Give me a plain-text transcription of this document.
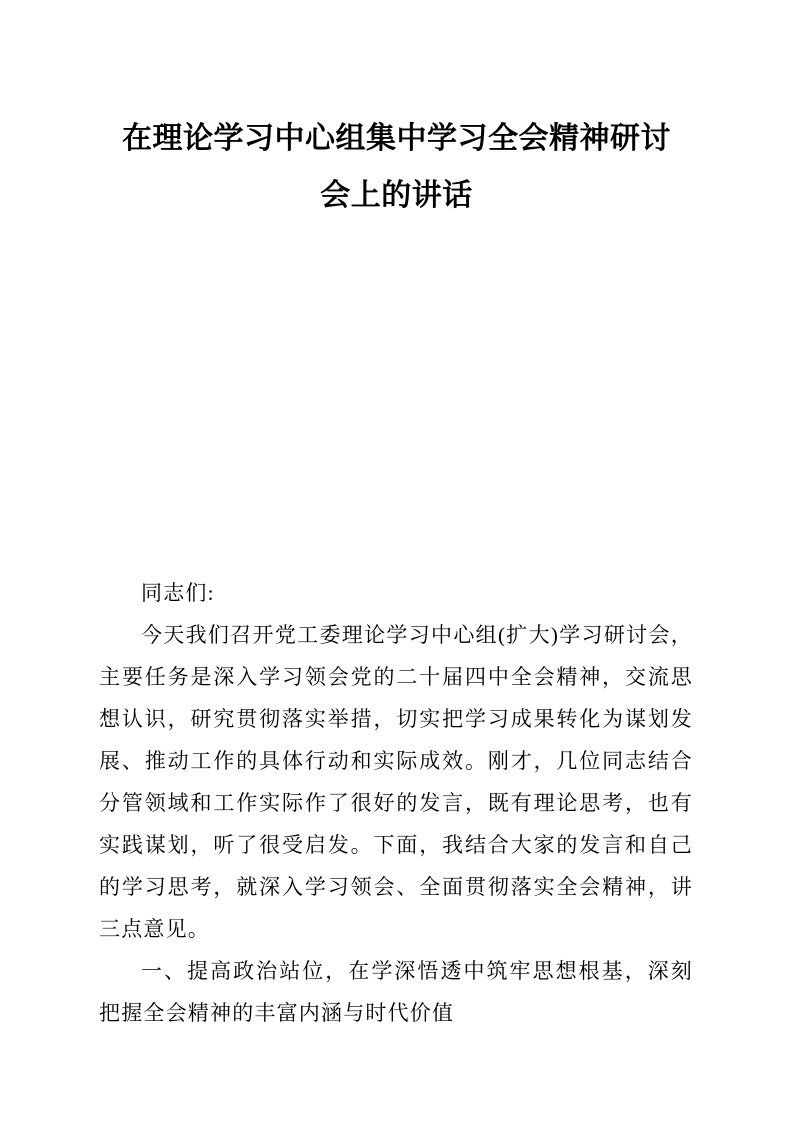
在理论学习中心组集中学习全会精神研讨会上的讲话

同志们:

今天我们召开党工委理论学习中心组(扩大)学习研讨会，主要任务是深入学习领会党的二十届四中全会精神，交流思想认识，研究贯彻落实举措，切实把学习成果转化为谋划发展、推动工作的具体行动和实际成效。刚才，几位同志结合分管领域和工作实际作了很好的发言，既有理论思考，也有实践谋划，听了很受启发。下面，我结合大家的发言和自己的学习思考，就深入学习领会、全面贯彻落实全会精神，讲三点意见。

一、提高政治站位，在学深悟透中筑牢思想根基，深刻把握全会精神的丰富内涵与时代价值
